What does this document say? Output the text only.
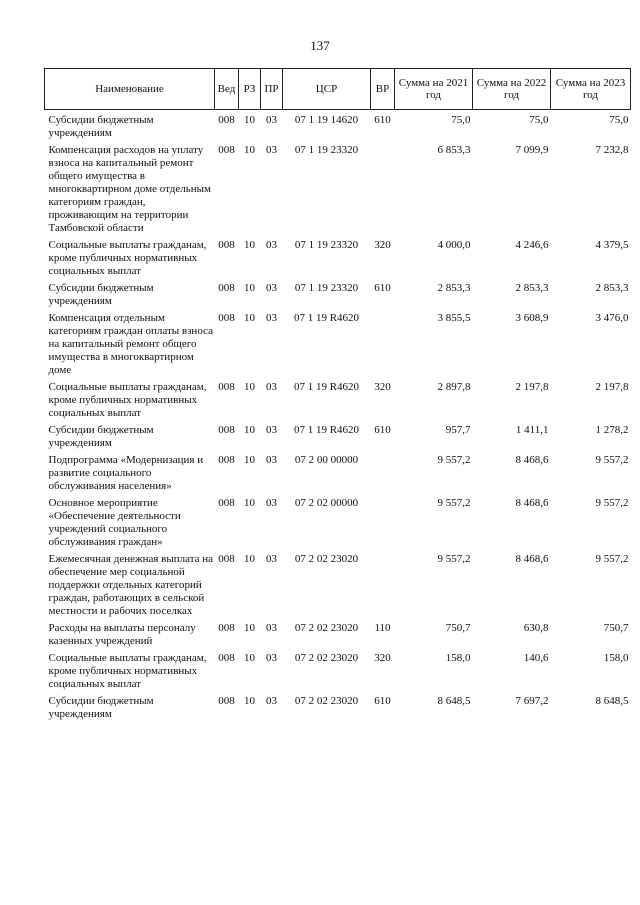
137
Наименование	Вед	РЗ	ПР	ЦСР	ВР	Сумма на 2021 год	Сумма на 2022 год	Сумма на 2023 год

Субсидии бюджетным учреждениям	008	10	03	07 1 19 14620	610	75,0	75,0	75,0

Компенсация расходов на уплату взноса на капитальный ремонт общего имущества в многоквартирном доме отдельным категориям граждан, проживающим на территории Тамбовской области	008	10	03	07 1 19 23320		6 853,3	7 099,9	7 232,8

Социальные выплаты гражданам, кроме публичных нормативных социальных выплат	008	10	03	07 1 19 23320	320	4 000,0	4 246,6	4 379,5

Субсидии бюджетным учреждениям	008	10	03	07 1 19 23320	610	2 853,3	2 853,3	2 853,3

Компенсация отдельным категориям граждан оплаты взноса на капитальный ремонт общего имущества в многоквартирном доме	008	10	03	07 1 19 R4620		3 855,5	3 608,9	3 476,0

Социальные выплаты гражданам, кроме публичных нормативных социальных выплат	008	10	03	07 1 19 R4620	320	2 897,8	2 197,8	2 197,8

Субсидии бюджетным учреждениям	008	10	03	07 1 19 R4620	610	957,7	1 411,1	1 278,2

Подпрограмма «Модернизация и развитие социального обслуживания населения»	008	10	03	07 2 00 00000		9 557,2	8 468,6	9 557,2

Основное мероприятие «Обеспечение деятельности учреждений социального обслуживания граждан»	008	10	03	07 2 02 00000		9 557,2	8 468,6	9 557,2

Ежемесячная денежная выплата на обеспечение мер социальной поддержки отдельных категорий граждан, работающих в сельской местности и рабочих поселках	008	10	03	07 2 02 23020		9 557,2	8 468,6	9 557,2

Расходы на выплаты персоналу казенных учреждений	008	10	03	07 2 02 23020	110	750,7	630,8	750,7

Социальные выплаты гражданам, кроме публичных нормативных социальных выплат	008	10	03	07 2 02 23020	320	158,0	140,6	158,0

Субсидии бюджетным учреждениям	008	10	03	07 2 02 23020	610	8 648,5	7 697,2	8 648,5
